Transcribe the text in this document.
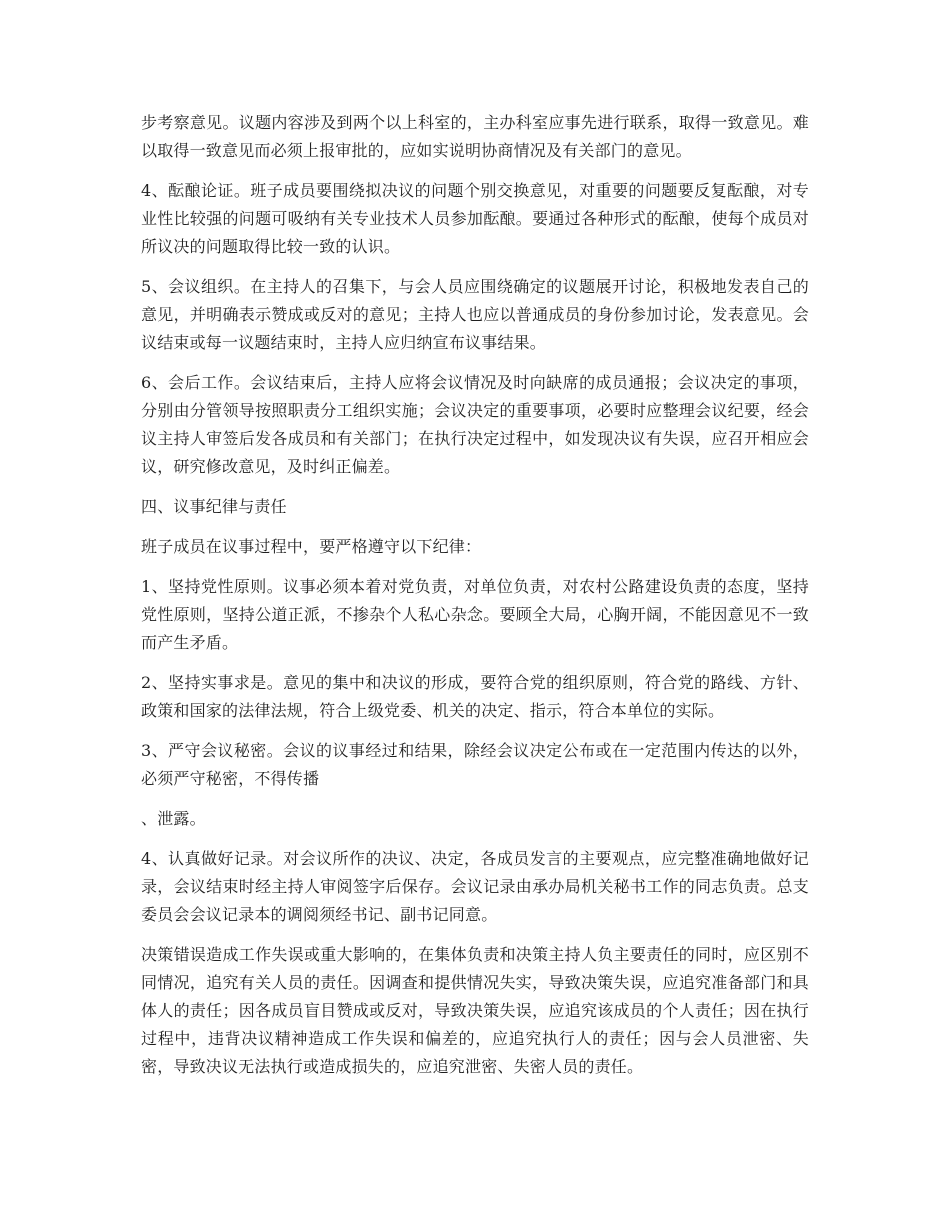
步考察意见。议题内容涉及到两个以上科室的，主办科室应事先进行联系，取得一致意见。难以取得一致意见而必须上报审批的，应如实说明协商情况及有关部门的意见。

4、酝酿论证。班子成员要围绕拟决议的问题个别交换意见，对重要的问题要反复酝酿，对专业性比较强的问题可吸纳有关专业技术人员参加酝酿。要通过各种形式的酝酿，使每个成员对所议决的问题取得比较一致的认识。

5、会议组织。在主持人的召集下，与会人员应围绕确定的议题展开讨论，积极地发表自己的意见，并明确表示赞成或反对的意见；主持人也应以普通成员的身份参加讨论，发表意见。会议结束或每一议题结束时，主持人应归纳宣布议事结果。

6、会后工作。会议结束后，主持人应将会议情况及时向缺席的成员通报；会议决定的事项，分别由分管领导按照职责分工组织实施；会议决定的重要事项，必要时应整理会议纪要，经会议主持人审签后发各成员和有关部门；在执行决定过程中，如发现决议有失误，应召开相应会议，研究修改意见，及时纠正偏差。

四、议事纪律与责任

班子成员在议事过程中，要严格遵守以下纪律：

1、坚持党性原则。议事必须本着对党负责，对单位负责，对农村公路建设负责的态度，坚持党性原则，坚持公道正派，不掺杂个人私心杂念。要顾全大局，心胸开阔，不能因意见不一致而产生矛盾。

2、坚持实事求是。意见的集中和决议的形成，要符合党的组织原则，符合党的路线、方针、政策和国家的法律法规，符合上级党委、机关的决定、指示，符合本单位的实际。

3、严守会议秘密。会议的议事经过和结果，除经会议决定公布或在一定范围内传达的以外，必须严守秘密，不得传播

、泄露。

4、认真做好记录。对会议所作的决议、决定，各成员发言的主要观点，应完整准确地做好记录，会议结束时经主持人审阅签字后保存。会议记录由承办局机关秘书工作的同志负责。总支委员会会议记录本的调阅须经书记、副书记同意。

决策错误造成工作失误或重大影响的，在集体负责和决策主持人负主要责任的同时，应区别不同情况，追究有关人员的责任。因调查和提供情况失实，导致决策失误，应追究准备部门和具体人的责任；因各成员盲目赞成或反对，导致决策失误，应追究该成员的个人责任；因在执行过程中，违背决议精神造成工作失误和偏差的，应追究执行人的责任；因与会人员泄密、失密，导致决议无法执行或造成损失的，应追究泄密、失密人员的责任。
